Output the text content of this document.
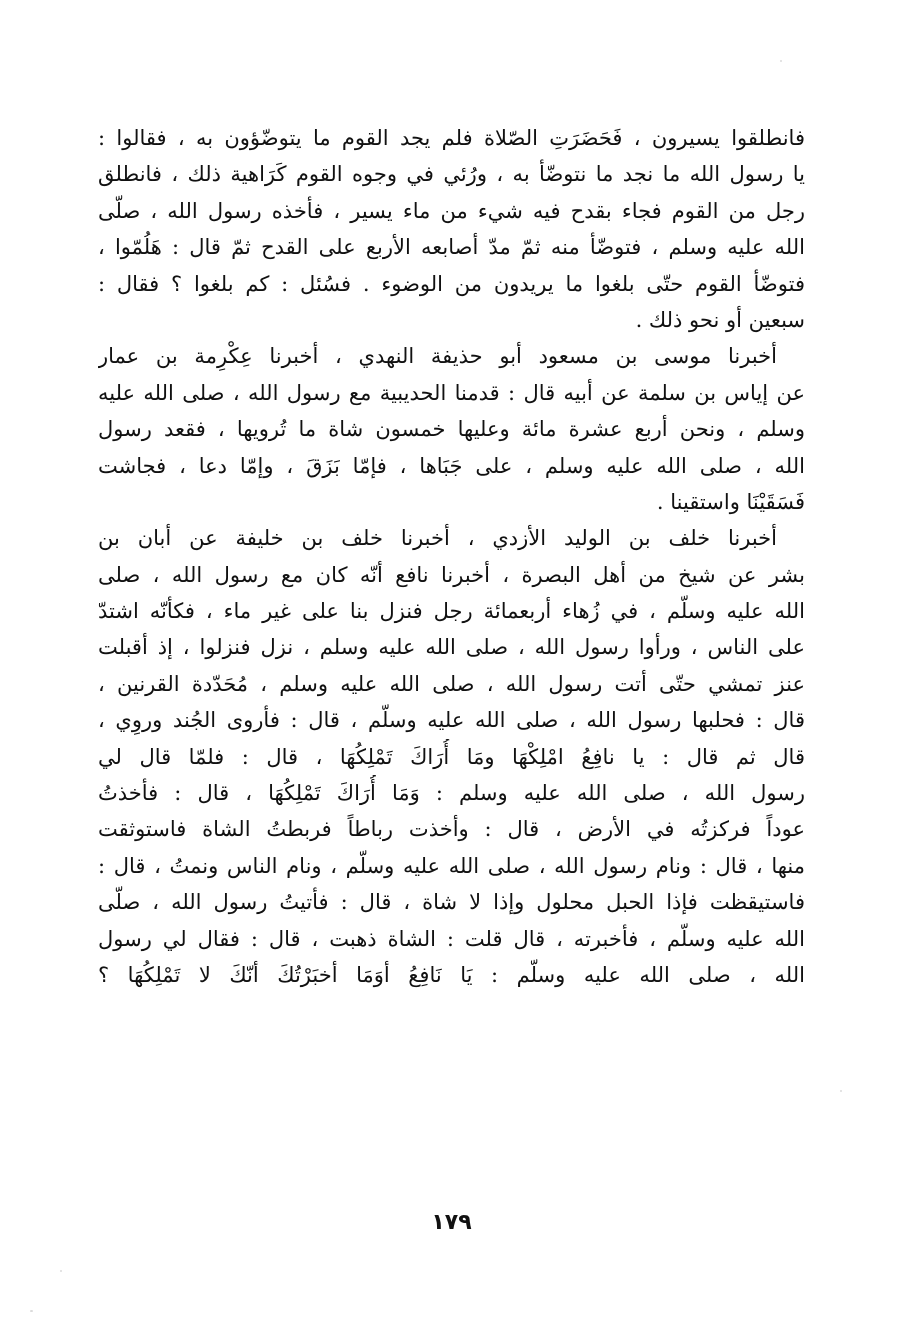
فانطلقوا يسيرون ، فَحَضَرَتِ الصّلاة فلم يجد القوم ما يتوضّؤون به ، فقالوا :
يا رسول الله ما نجد ما نتوضّأ به ، ورُئي في وجوه القوم كَرَاهية ذلك ، فانطلق
رجل من القوم فجاء بقدح فيه شيء من ماء يسير ، فأخذه رسول الله ، صلّى
الله عليه وسلم ، فتوضّأ منه ثمّ مدّ أصابعه الأربع على القدح ثمّ قال : هَلُمّوا ،
فتوضّأ القوم حتّى بلغوا ما يريدون من الوضوء . فسُئل : كم بلغوا ؟ فقال :
سبعين أو نحو ذلك .
أخبرنا موسى بن مسعود أبو حذيفة النهدي ، أخبرنا عِكْرِمة بن عمار
عن إياس بن سلمة عن أبيه قال : قدمنا الحديبية مع رسول الله ، صلى الله عليه
وسلم ، ونحن أربع عشرة مائة وعليها خمسون شاة ما تُرويها ، فقعد رسول
الله ، صلى الله عليه وسلم ، على جَبَاها ، فإمّا بَزَقَ ، وإمّا دعا ، فجاشت
فَسَقَيْنَا واستقينا .
أخبرنا خلف بن الوليد الأزدي ، أخبرنا خلف بن خليفة عن أبان بن
بشر عن شيخ من أهل البصرة ، أخبرنا نافع أنّه كان مع رسول الله ، صلى
الله عليه وسلّم ، في زُهاء أربعمائة رجل فنزل بنا على غير ماء ، فكأنّه اشتدّ
على الناس ، ورأوا رسول الله ، صلى الله عليه وسلم ، نزل فنزلوا ، إذ أقبلت
عنز تمشي حتّى أتت رسول الله ، صلى الله عليه وسلم ، مُحَدّدة القرنين ،
قال : فحلبها رسول الله ، صلى الله عليه وسلّم ، قال : فأروى الجُند وروِي ،
قال ثم قال : يا نافِعُ امْلِكْهَا ومَا أُرَاكَ تَمْلِكُهَا ، قال : فلمّا قال لي
رسول الله ، صلى الله عليه وسلم : وَمَا أُرَاكَ تَمْلِكُهَا ، قال : فأخذتُ
عوداً فركزتُه في الأرض ، قال : وأخذت رباطاً فربطتُ الشاة فاستوثقت
منها ، قال : ونام رسول الله ، صلى الله عليه وسلّم ، ونام الناس ونمتُ ، قال :
فاستيقظت فإذا الحبل محلول وإذا لا شاة ، قال : فأتيتُ رسول الله ، صلّى
الله عليه وسلّم ، فأخبرته ، قال قلت : الشاة ذهبت ، قال : فقال لي رسول
الله ، صلى الله عليه وسلّم : يَا نَافِعُ أوَمَا أخبَرْتُكَ أنّكَ لا تَمْلِكُهَا ؟
١٧٩
